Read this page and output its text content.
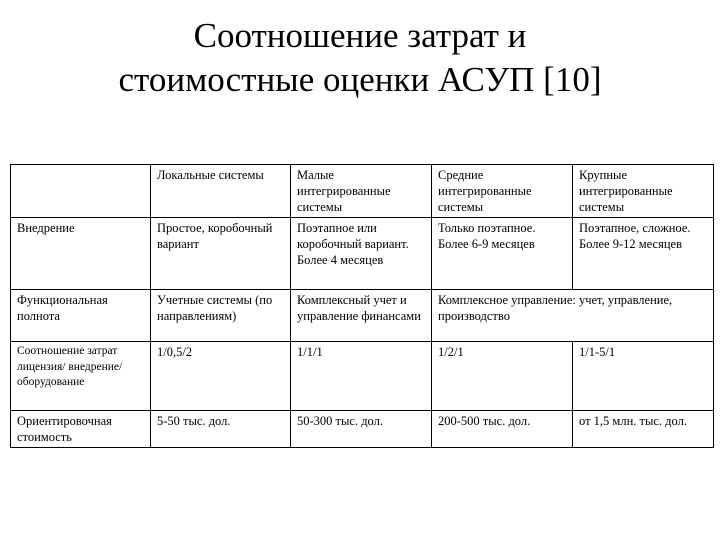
Соотношение затрат и
стоимостные оценки АСУП [10]
	Локальные системы	Малые интегрированные системы	Средние интегрированные системы	Крупные интегрированные системы
Внедрение	Простое, коробочный вариант	Поэтапное или коробочный вариант. Более 4 месяцев	Только поэтапное. Более 6-9 месяцев	Поэтапное, сложное. Более 9-12 месяцев
Функциональная полнота	Учетные системы (по направлениям)	Комплексный учет и управление финансами	Комплексное управление: учет, управление, производство	
Соотношение затрат лицензия/ внедрение/ оборудование	1/0,5/2	1/1/1	1/2/1	1/1-5/1
Ориентировочная стоимость	5-50 тыс. дол.	50-300 тыс. дол.	200-500 тыс. дол.	от 1,5 млн. тыс. дол.
